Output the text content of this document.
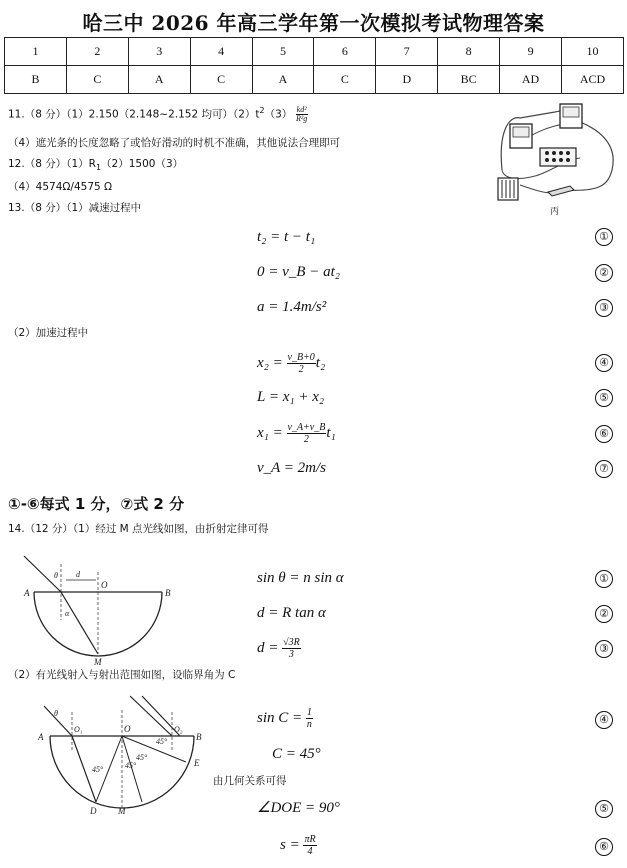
哈三中 2026 年高三学年第一次模拟考试物理答案
1	2	3	4	5	6	7	8	9	10
B	C	A	C	A	C	D	BC	AD	ACD
11.（8 分）（1）2.150（2.148~2.152 均可）$(2)t^2(3) \frac{\text{kd²}}{\text{R²g}}$
（4）遮光条的长度忽略了或恰好滑动的时机不准确，其他说法合理即可
12.（8 分）$(1)R_1(2)1500(3)$
（4）4574Ω/4575 Ω
丙
13.（8 分）（1）减速过程中
t₂ = t − t₁	①
0 = v_B − at₂	②
a = 1.4m/s²	③
（2）加速过程中
$x_2 = \frac{v\_B+0}{2} t_2$	④
L = x₁ + x₂	⑤
$x_1 = \frac{v\_A+v\_B}{2} t_1$	⑥
v_A = 2m/s	⑦
①-⑥每式 1 分，⑦式 2 分
14.（12 分）（1）经过 M 点光线如图，由折射定律可得
A	B
O
θ d
α
M
sin θ = n sin α	①
d = R tan α	②
$d = \frac{√3R}{3}$	③
（2）有光线射入与射出范围如图，设临界角为 C
A	B
E
O
O₁	O₂
θ
D M
45°	45°
45°
45°
$\sin C = \frac{1}{n}$	④
C = 45°
由几何关系可得
∠DOE = 90°	⑤
$s = \frac{\pi R}{4}$	⑥
